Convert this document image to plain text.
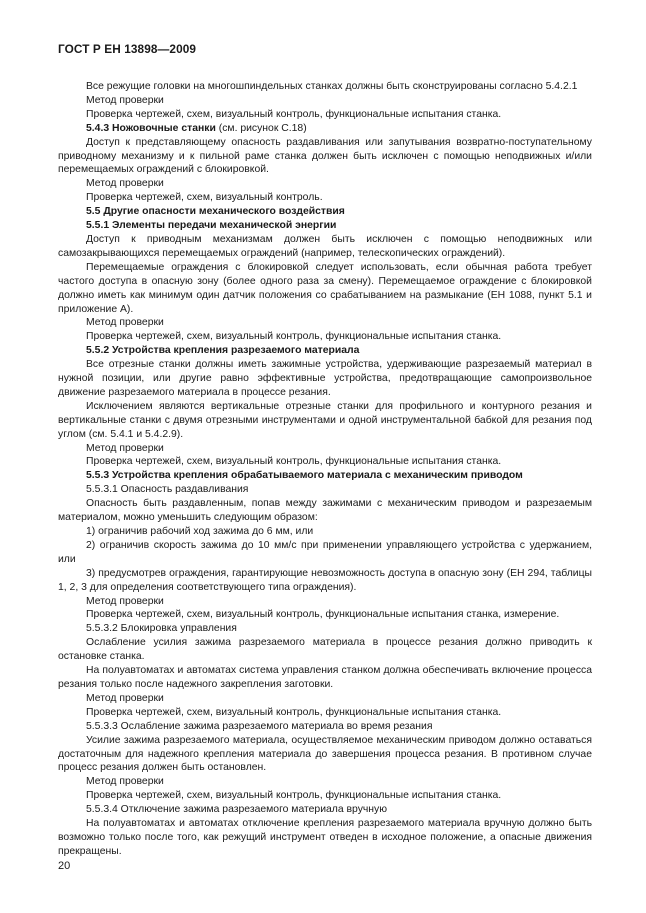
ГОСТ Р ЕН 13898—2009

Все режущие головки на многошпиндельных станках должны быть сконструированы согласно 5.4.2.1

Метод проверки

Проверка чертежей, схем, визуальный контроль, функциональные испытания станка.

5.4.3 Ножовочные станки (см. рисунок С.18)

Доступ к представляющему опасность раздавливания или запутывания возвратно-поступательному приводному механизму и к пильной раме станка должен быть исключен с помощью неподвижных и/или перемещаемых ограждений с блокировкой.

Метод проверки

Проверка чертежей, схем, визуальный контроль.

5.5 Другие опасности механического воздействия

5.5.1 Элементы передачи механической энергии

Доступ к приводным механизмам должен быть исключен с помощью неподвижных или самозакрывающихся перемещаемых ограждений (например, телескопических ограждений).

Перемещаемые ограждения с блокировкой следует использовать, если обычная работа требует частого доступа в опасную зону (более одного раза за смену). Перемещаемое ограждение с блокировкой должно иметь как минимум один датчик положения со срабатыванием на размыкание (ЕН 1088, пункт 5.1 и приложение А).

Метод проверки

Проверка чертежей, схем, визуальный контроль, функциональные испытания станка.

5.5.2 Устройства крепления разрезаемого материала

Все отрезные станки должны иметь зажимные устройства, удерживающие разрезаемый материал в нужной позиции, или другие равно эффективные устройства, предотвращающие самопроизвольное движение разрезаемого материала в процессе резания.

Исключением являются вертикальные отрезные станки для профильного и контурного резания и вертикальные станки с двумя отрезными инструментами и одной инструментальной бабкой для резания под углом (см. 5.4.1 и 5.4.2.9).

Метод проверки

Проверка чертежей, схем, визуальный контроль, функциональные испытания станка.

5.5.3 Устройства крепления обрабатываемого материала с механическим приводом

5.5.3.1 Опасность раздавливания

Опасность быть раздавленным, попав между зажимами с механическим приводом и разрезаемым материалом, можно уменьшить следующим образом:

1) ограничив рабочий ход зажима до 6 мм, или

2) ограничив скорость зажима до 10 мм/с при применении управляющего устройства с удержанием, или

3) предусмотрев ограждения, гарантирующие невозможность доступа в опасную зону (ЕН 294, таблицы 1, 2, 3 для определения соответствующего типа ограждения).

Метод проверки

Проверка чертежей, схем, визуальный контроль, функциональные испытания станка, измерение.

5.5.3.2 Блокировка управления

Ослабление усилия зажима разрезаемого материала в процессе резания должно приводить к остановке станка.

На полуавтоматах и автоматах система управления станком должна обеспечивать включение процесса резания только после надежного закрепления заготовки.

Метод проверки

Проверка чертежей, схем, визуальный контроль, функциональные испытания станка.

5.5.3.3 Ослабление зажима разрезаемого материала во время резания

Усилие зажима разрезаемого материала, осуществляемое механическим приводом должно оставаться достаточным для надежного крепления материала до завершения процесса резания. В противном случае процесс резания должен быть остановлен.

Метод проверки

Проверка чертежей, схем, визуальный контроль, функциональные испытания станка.

5.5.3.4 Отключение зажима разрезаемого материала вручную

На полуавтоматах и автоматах отключение крепления разрезаемого материала вручную должно быть возможно только после того, как режущий инструмент отведен в исходное положение, а опасные движения прекращены.

20
